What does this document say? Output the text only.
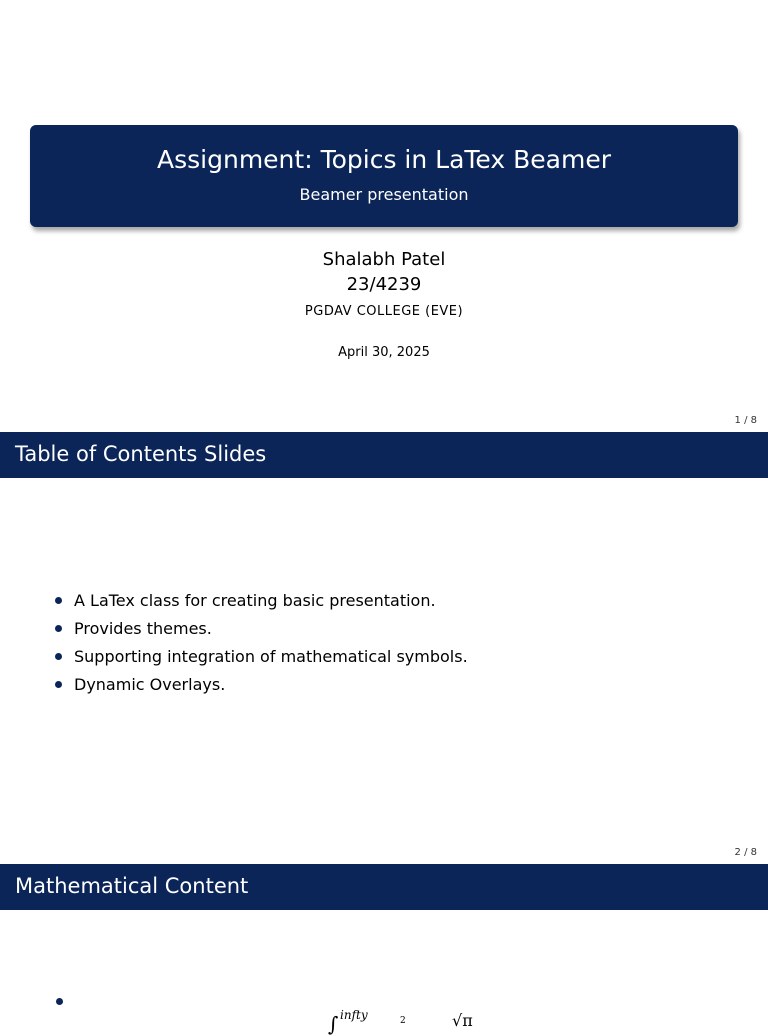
Assignment: Topics in LaTex Beamer
Beamer presentation
Shalabh Patel
23/4239
PGDAV COLLEGE (EVE)
April 30, 2025
1 / 8
Table of Contents Slides
A LaTex class for creating basic presentation.
Provides themes.
Supporting integration of mathematical symbols.
Dynamic Overlays.
2 / 8
Mathematical Content
∫ infty	2	√π
